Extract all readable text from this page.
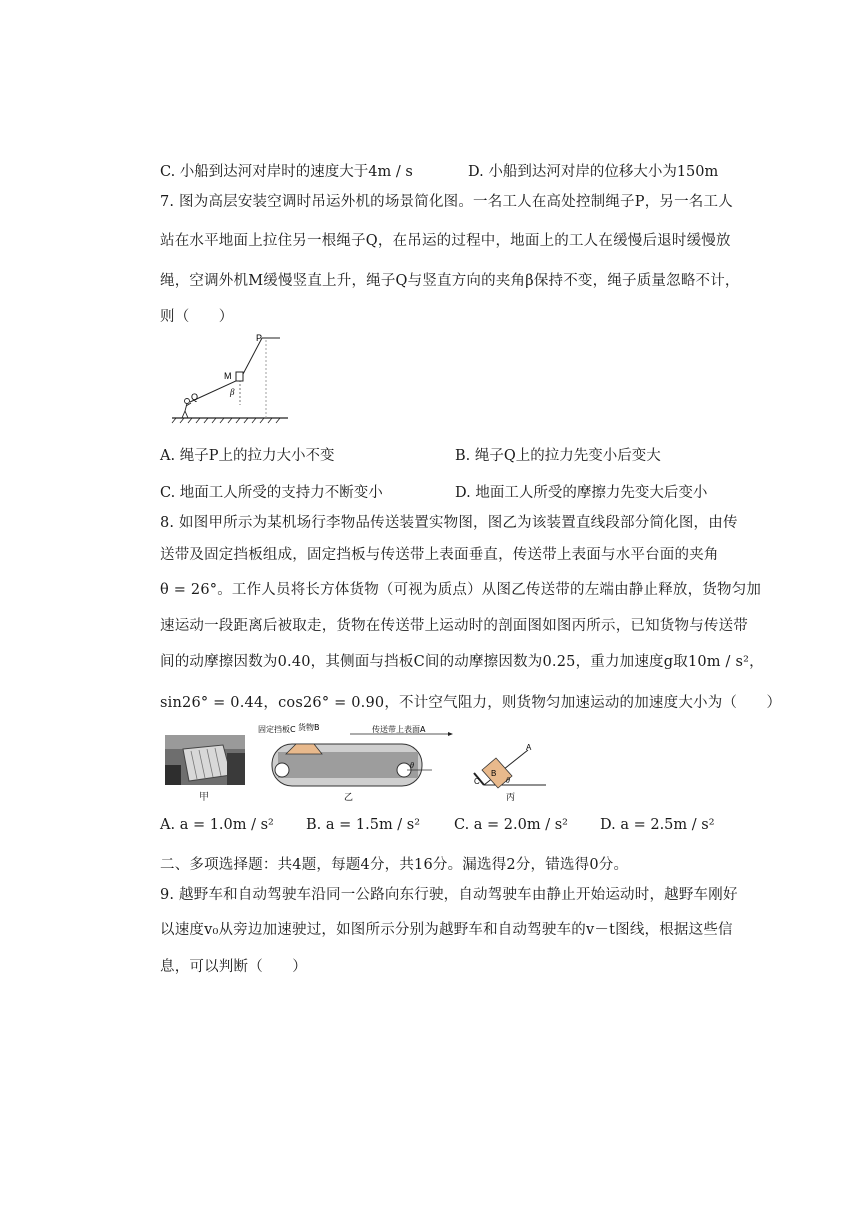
C. 小船到达河对岸时的速度大于4m / s	D. 小船到达河对岸的位移大小为150m
7. 图为高层安装空调时吊运外机的场景简化图。一名工人在高处控制绳子P，另一名工人
站在水平地面上拉住另一根绳子Q，在吊运的过程中，地面上的工人在缓慢后退时缓慢放
绳，空调外机M缓慢竖直上升，绳子Q与竖直方向的夹角β保持不变，绳子质量忽略不计，
则（　　）
P
M
Q	β
A. 绳子P上的拉力大小不变	B. 绳子Q上的拉力先变小后变大
C. 地面工人所受的支持力不断变小	D. 地面工人所受的摩擦力先变大后变小
8. 如图甲所示为某机场行李物品传送装置实物图，图乙为该装置直线段部分简化图，由传
送带及固定挡板组成，固定挡板与传送带上表面垂直，传送带上表面与水平台面的夹角
θ = 26°。工作人员将长方体货物（可视为质点）从图乙传送带的左端由静止释放，货物匀加
速运动一段距离后被取走，货物在传送带上运动时的剖面图如图丙所示，已知货物与传送带
间的动摩擦因数为0.40，其侧面与挡板C间的动摩擦因数为0.25，重力加速度g取10m / s²，
sin26° = 0.44，cos26° = 0.90，不计空气阻力，则货物匀加速运动的加速度大小为（　　）
甲
固定挡板C 货物B	传送带上表面A
θ
乙
A
B
C	θ
丙
A. a = 1.0m / s² B. a = 1.5m / s² C. a = 2.0m / s² D. a = 2.5m / s²
二、多项选择题：共4题，每题4分，共16分。漏选得2分，错选得0分。
9. 越野车和自动驾驶车沿同一公路向东行驶，自动驾驶车由静止开始运动时，越野车刚好
以速度v₀从旁边加速驶过，如图所示分别为越野车和自动驾驶车的v－t图线，根据这些信
息，可以判断（　　）
